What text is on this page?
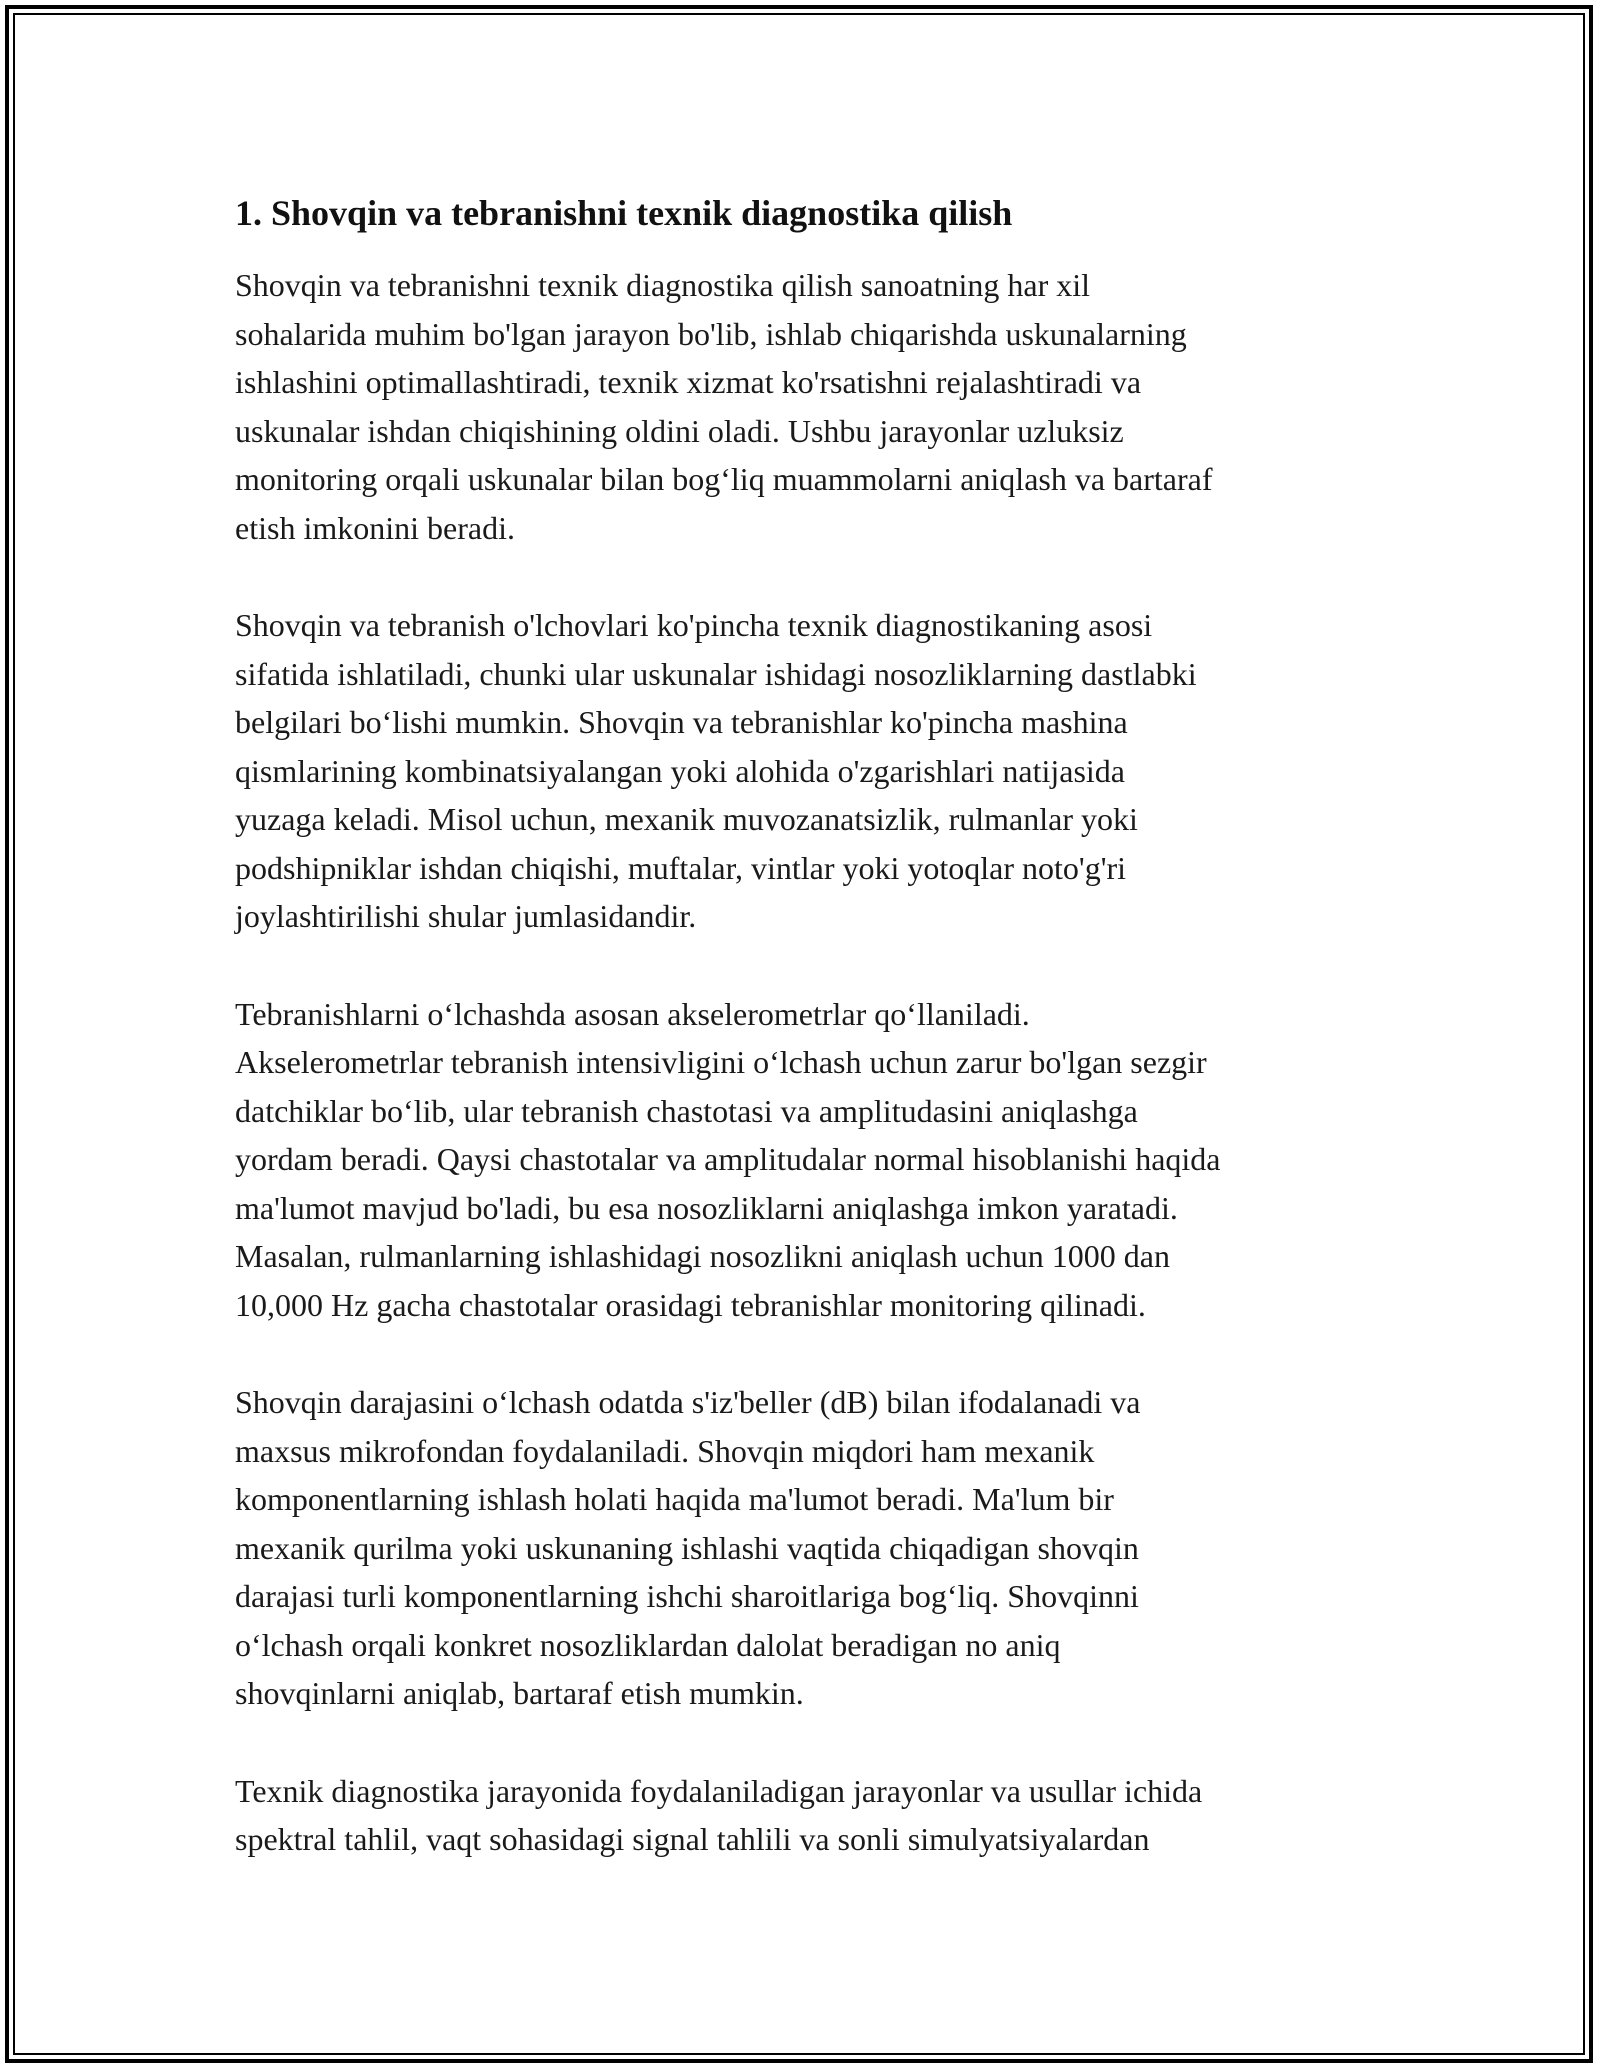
1. Shovqin va tebranishni texnik diagnostika qilish

Shovqin va tebranishni texnik diagnostika qilish sanoatning har xil
sohalarida muhim bo'lgan jarayon bo'lib, ishlab chiqarishda uskunalarning
ishlashini optimallashtiradi, texnik xizmat ko'rsatishni rejalashtiradi va
uskunalar ishdan chiqishining oldini oladi. Ushbu jarayonlar uzluksiz
monitoring orqali uskunalar bilan bog‘liq muammolarni aniqlash va bartaraf
etish imkonini beradi.

Shovqin va tebranish o'lchovlari ko'pincha texnik diagnostikaning asosi
sifatida ishlatiladi, chunki ular uskunalar ishidagi nosozliklarning dastlabki
belgilari bo‘lishi mumkin. Shovqin va tebranishlar ko'pincha mashina
qismlarining kombinatsiyalangan yoki alohida o'zgarishlari natijasida
yuzaga keladi. Misol uchun, mexanik muvozanatsizlik, rulmanlar yoki
podshipniklar ishdan chiqishi, muftalar, vintlar yoki yotoqlar noto'g'ri
joylashtirilishi shular jumlasidandir.

Tebranishlarni o‘lchashda asosan akselerometrlar qo‘llaniladi.
Akselerometrlar tebranish intensivligini o‘lchash uchun zarur bo'lgan sezgir
datchiklar bo‘lib, ular tebranish chastotasi va amplitudasini aniqlashga
yordam beradi. Qaysi chastotalar va amplitudalar normal hisoblanishi haqida
ma'lumot mavjud bo'ladi, bu esa nosozliklarni aniqlashga imkon yaratadi.
Masalan, rulmanlarning ishlashidagi nosozlikni aniqlash uchun 1000 dan
10,000 Hz gacha chastotalar orasidagi tebranishlar monitoring qilinadi.

Shovqin darajasini o‘lchash odatda s'iz'beller (dB) bilan ifodalanadi va
maxsus mikrofondan foydalaniladi. Shovqin miqdori ham mexanik
komponentlarning ishlash holati haqida ma'lumot beradi. Ma'lum bir
mexanik qurilma yoki uskunaning ishlashi vaqtida chiqadigan shovqin
darajasi turli komponentlarning ishchi sharoitlariga bog‘liq. Shovqinni
o‘lchash orqali konkret nosozliklardan dalolat beradigan no aniq
shovqinlarni aniqlab, bartaraf etish mumkin.

Texnik diagnostika jarayonida foydalaniladigan jarayonlar va usullar ichida
spektral tahlil, vaqt sohasidagi signal tahlili va sonli simulyatsiyalardan
